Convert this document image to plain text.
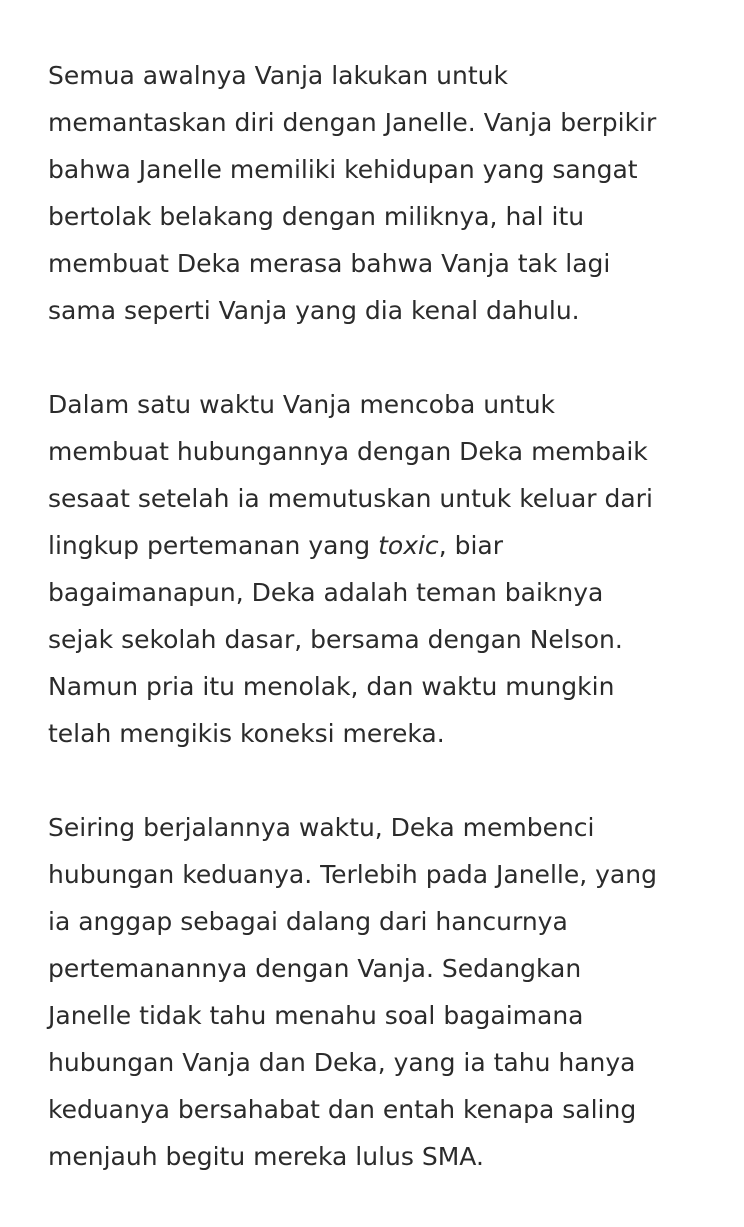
Semua awalnya Vanja lakukan untuk
memantaskan diri dengan Janelle. Vanja berpikir
bahwa Janelle memiliki kehidupan yang sangat
bertolak belakang dengan miliknya, hal itu
membuat Deka merasa bahwa Vanja tak lagi
sama seperti Vanja yang dia kenal dahulu.

Dalam satu waktu Vanja mencoba untuk
membuat hubungannya dengan Deka membaik
sesaat setelah ia memutuskan untuk keluar dari
lingkup pertemanan yang toxic, biar
bagaimanapun, Deka adalah teman baiknya
sejak sekolah dasar, bersama dengan Nelson.
Namun pria itu menolak, dan waktu mungkin
telah mengikis koneksi mereka.

Seiring berjalannya waktu, Deka membenci
hubungan keduanya. Terlebih pada Janelle, yang
ia anggap sebagai dalang dari hancurnya
pertemanannya dengan Vanja. Sedangkan
Janelle tidak tahu menahu soal bagaimana
hubungan Vanja dan Deka, yang ia tahu hanya
keduanya bersahabat dan entah kenapa saling
menjauh begitu mereka lulus SMA.
